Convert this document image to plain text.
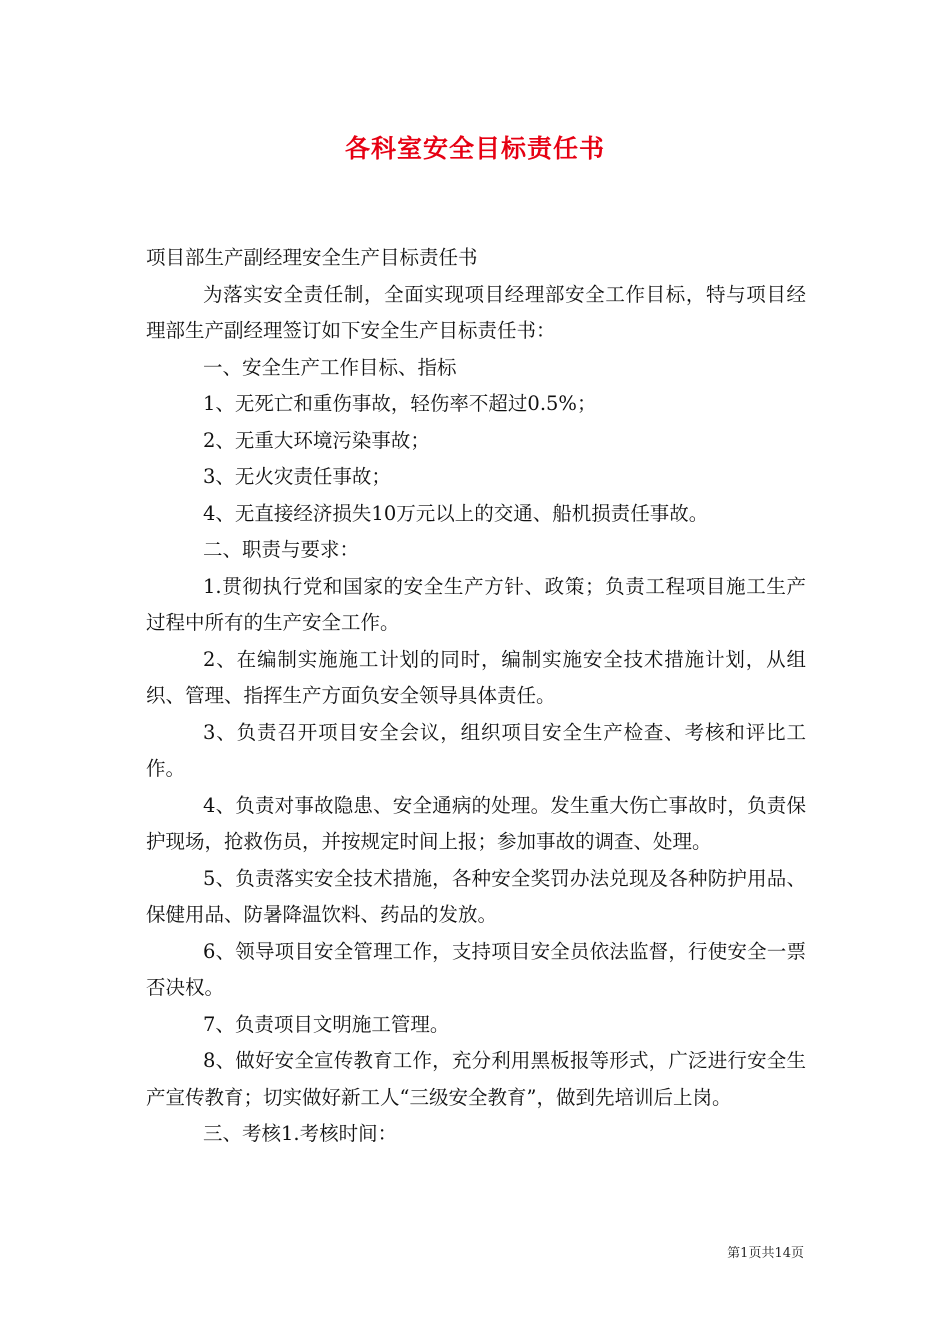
各科室安全目标责任书

项目部生产副经理安全生产目标责任书

为落实安全责任制，全面实现项目经理部安全工作目标，特与项目经理部生产副经理签订如下安全生产目标责任书：

一、安全生产工作目标、指标

1、无死亡和重伤事故，轻伤率不超过0.5%；

2、无重大环境污染事故；

3、无火灾责任事故；

4、无直接经济损失10万元以上的交通、船机损责任事故。

二、职责与要求：

1.贯彻执行党和国家的安全生产方针、政策；负责工程项目施工生产过程中所有的生产安全工作。

2、在编制实施施工计划的同时，编制实施安全技术措施计划，从组织、管理、指挥生产方面负安全领导具体责任。

3、负责召开项目安全会议，组织项目安全生产检查、考核和评比工作。

4、负责对事故隐患、安全通病的处理。发生重大伤亡事故时，负责保护现场，抢救伤员，并按规定时间上报；参加事故的调查、处理。

5、负责落实安全技术措施，各种安全奖罚办法兑现及各种防护用品、保健用品、防暑降温饮料、药品的发放。

6、领导项目安全管理工作，支持项目安全员依法监督，行使安全一票否决权。

7、负责项目文明施工管理。

8、做好安全宣传教育工作，充分利用黑板报等形式，广泛进行安全生产宣传教育；切实做好新工人“三级安全教育”，做到先培训后上岗。

三、考核1.考核时间：

第1页共14页
